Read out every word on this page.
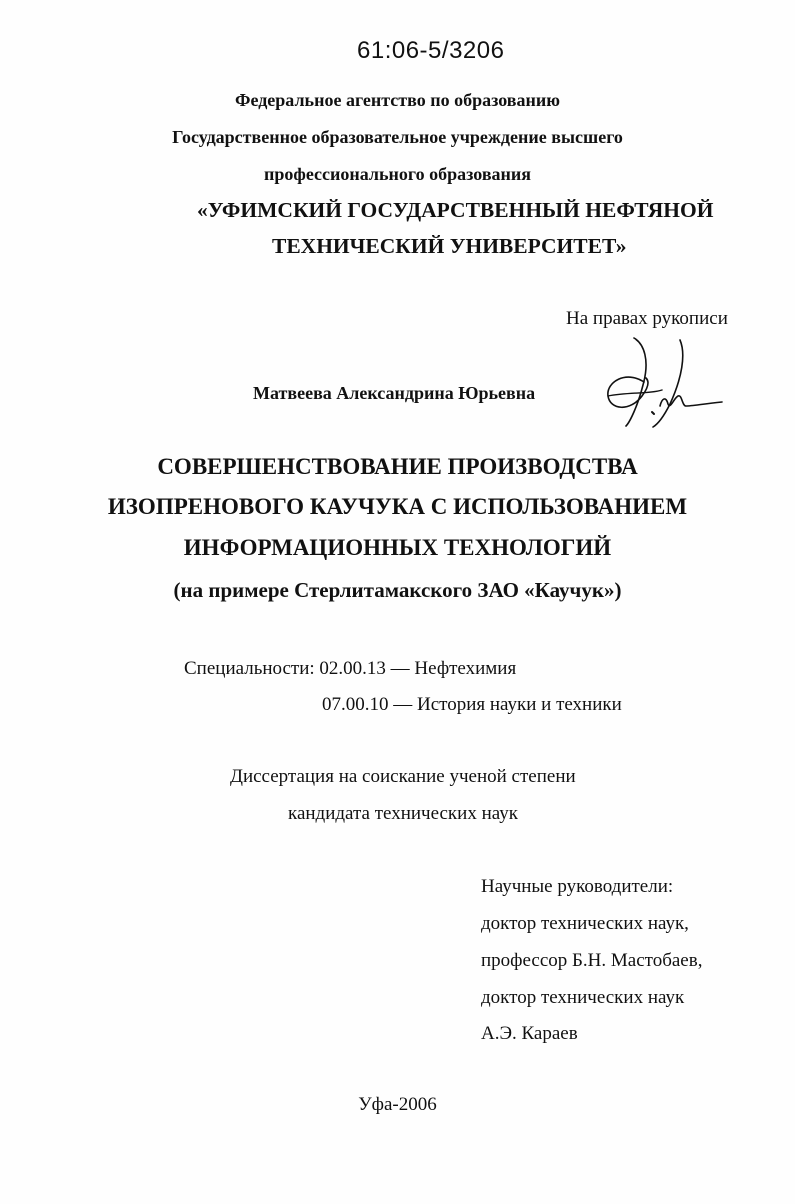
61:06-5/3206
Федеральное агентство по образованию
Государственное образовательное учреждение высшего
профессионального образования
«УФИМСКИЙ ГОСУДАРСТВЕННЫЙ НЕФТЯНОЙ
ТЕХНИЧЕСКИЙ УНИВЕРСИТЕТ»
На правах рукописи
Матвеева Александрина Юрьевна
СОВЕРШЕНСТВОВАНИЕ ПРОИЗВОДСТВА
ИЗОПРЕНОВОГО КАУЧУКА С ИСПОЛЬЗОВАНИЕМ
ИНФОРМАЦИОННЫХ ТЕХНОЛОГИЙ
(на примере Стерлитамакского ЗАО «Каучук»)
Специальности: 02.00.13 — Нефтехимия
07.00.10 — История науки и техники
Диссертация на соискание ученой степени
кандидата технических наук
Научные руководители:
доктор технических наук,
профессор Б.Н. Мастобаев,
доктор технических наук
А.Э. Караев
Уфа-2006
